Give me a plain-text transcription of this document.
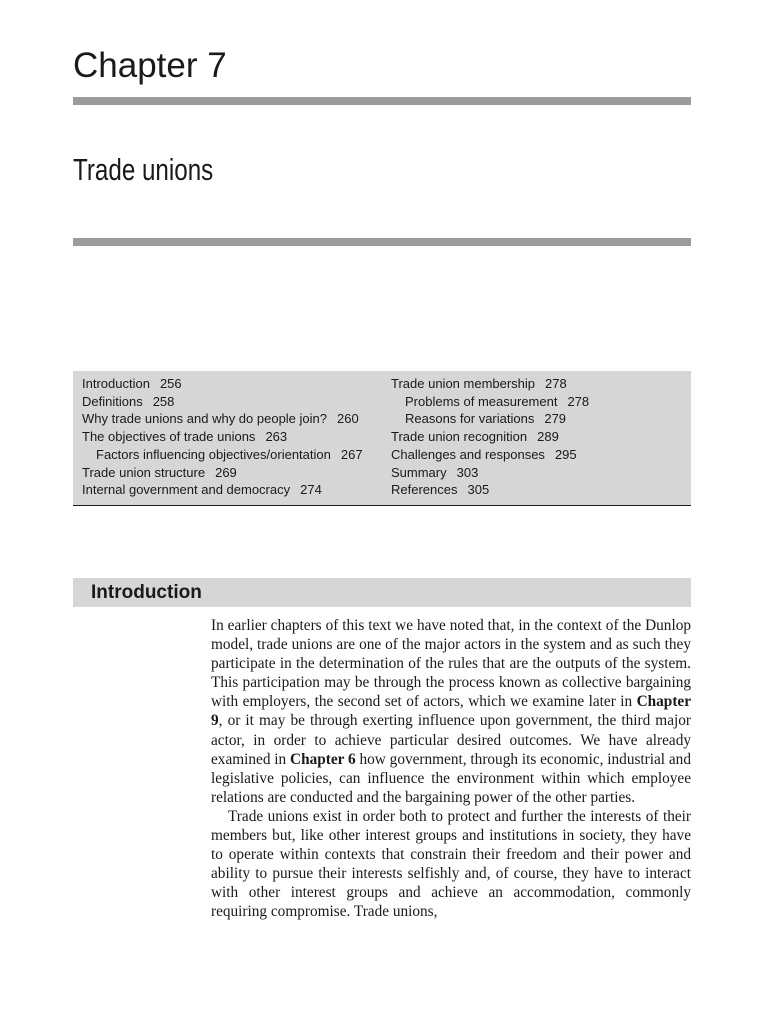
Chapter 7
Trade unions
Introduction 256
Definitions 258
Why trade unions and why do people join? 260
The objectives of trade unions 263
Factors influencing objectives/orientation 267
Trade union structure 269
Internal government and democracy 274
Trade union membership 278
Problems of measurement 278
Reasons for variations 279
Trade union recognition 289
Challenges and responses 295
Summary 303
References 305
Introduction

In earlier chapters of this text we have noted that, in the context of the Dunlop model, trade unions are one of the major actors in the system and as such they participate in the determination of the rules that are the outputs of the system. This participation may be through the process known as collective bargaining with employers, the second set of actors, which we examine later in Chapter 9, or it may be through exerting influence upon government, the third major actor, in order to achieve particular desired outcomes. We have already examined in Chapter 6 how government, through its economic, industrial and legislative policies, can influence the environment within which employee relations are conducted and the bargaining power of the other parties.

Trade unions exist in order both to protect and further the interests of their members but, like other interest groups and institutions in society, they have to operate within contexts that constrain their freedom and their power and ability to pursue their interests selfishly and, of course, they have to interact with other interest groups and achieve an accommodation, commonly requiring compromise. Trade unions,
